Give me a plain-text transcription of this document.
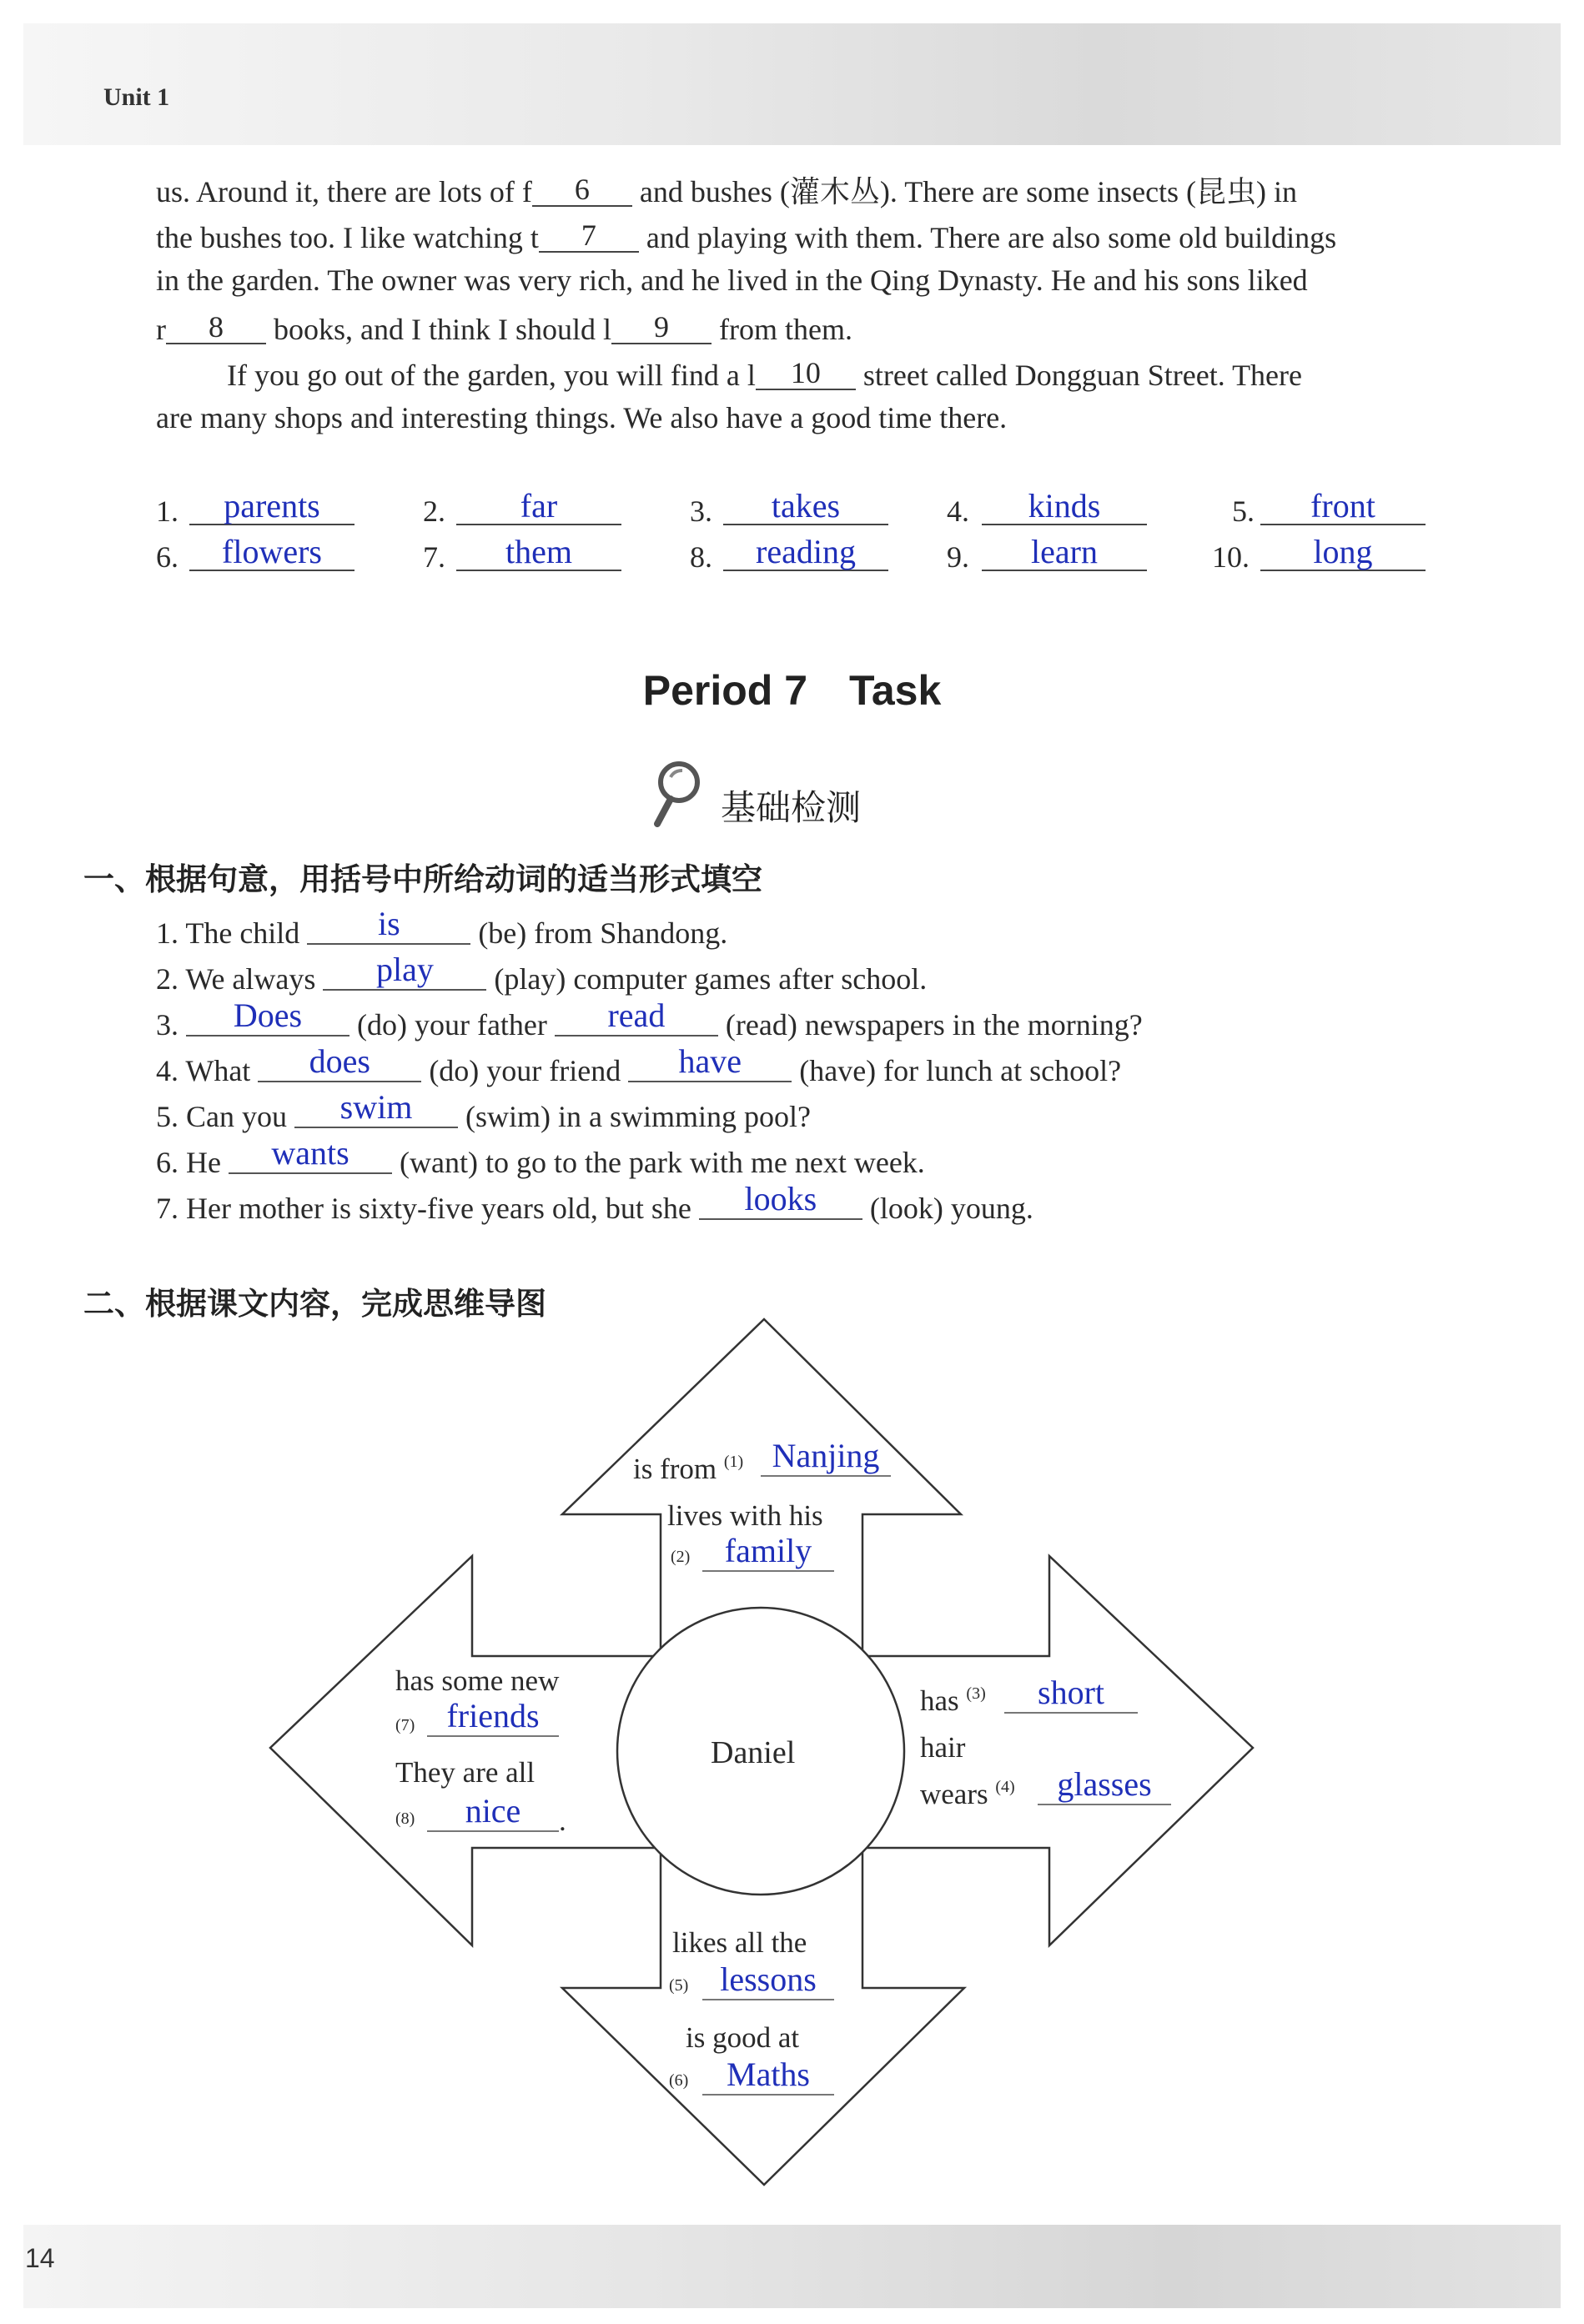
Unit 1
14
us. Around it, there are lots of f 6 and bushes (灌木丛). There are some insects (昆虫) in
the bushes too. I like watching t 7 and playing with them. There are also some old buildings
in the garden. The owner was very rich, and he lived in the Qing Dynasty. He and his sons liked
r 8 books, and I think I should l 9 from them.
If you go out of the garden, you will find a l 10 street called Dongguan Street. There
are many shops and interesting things. We also have a good time there.
1.	parents	2.	far	3.	takes	4.	kinds	5.	front
6.	flowers	7.	them	8.	reading	9.	learn	10.	long
Period 7　Task
基础检测
一、根据句意，用括号中所给动词的适当形式填空
1. The child is (be) from Shandong.
2. We always play (play) computer games after school.
3. Does (do) your father read (read) newspapers in the morning?
4. What does (do) your friend have (have) for lunch at school?
5. Can you swim (swim) in a swimming pool?
6. He wants (want) to go to the park with me next week.
7. Her mother is sixty-five years old, but she looks (look) young.
二、根据课文内容，完成思维导图
Daniel
is from $^{(1)}$ Nanjing
lives with his
(2)	family
has $^{(3)}$	short
hair
wears $^{(4)}$	glasses
likes all the
(5) lessons
is good at
(6)	Maths
has some new
(7) friends
They are all
(8)	nice	.
